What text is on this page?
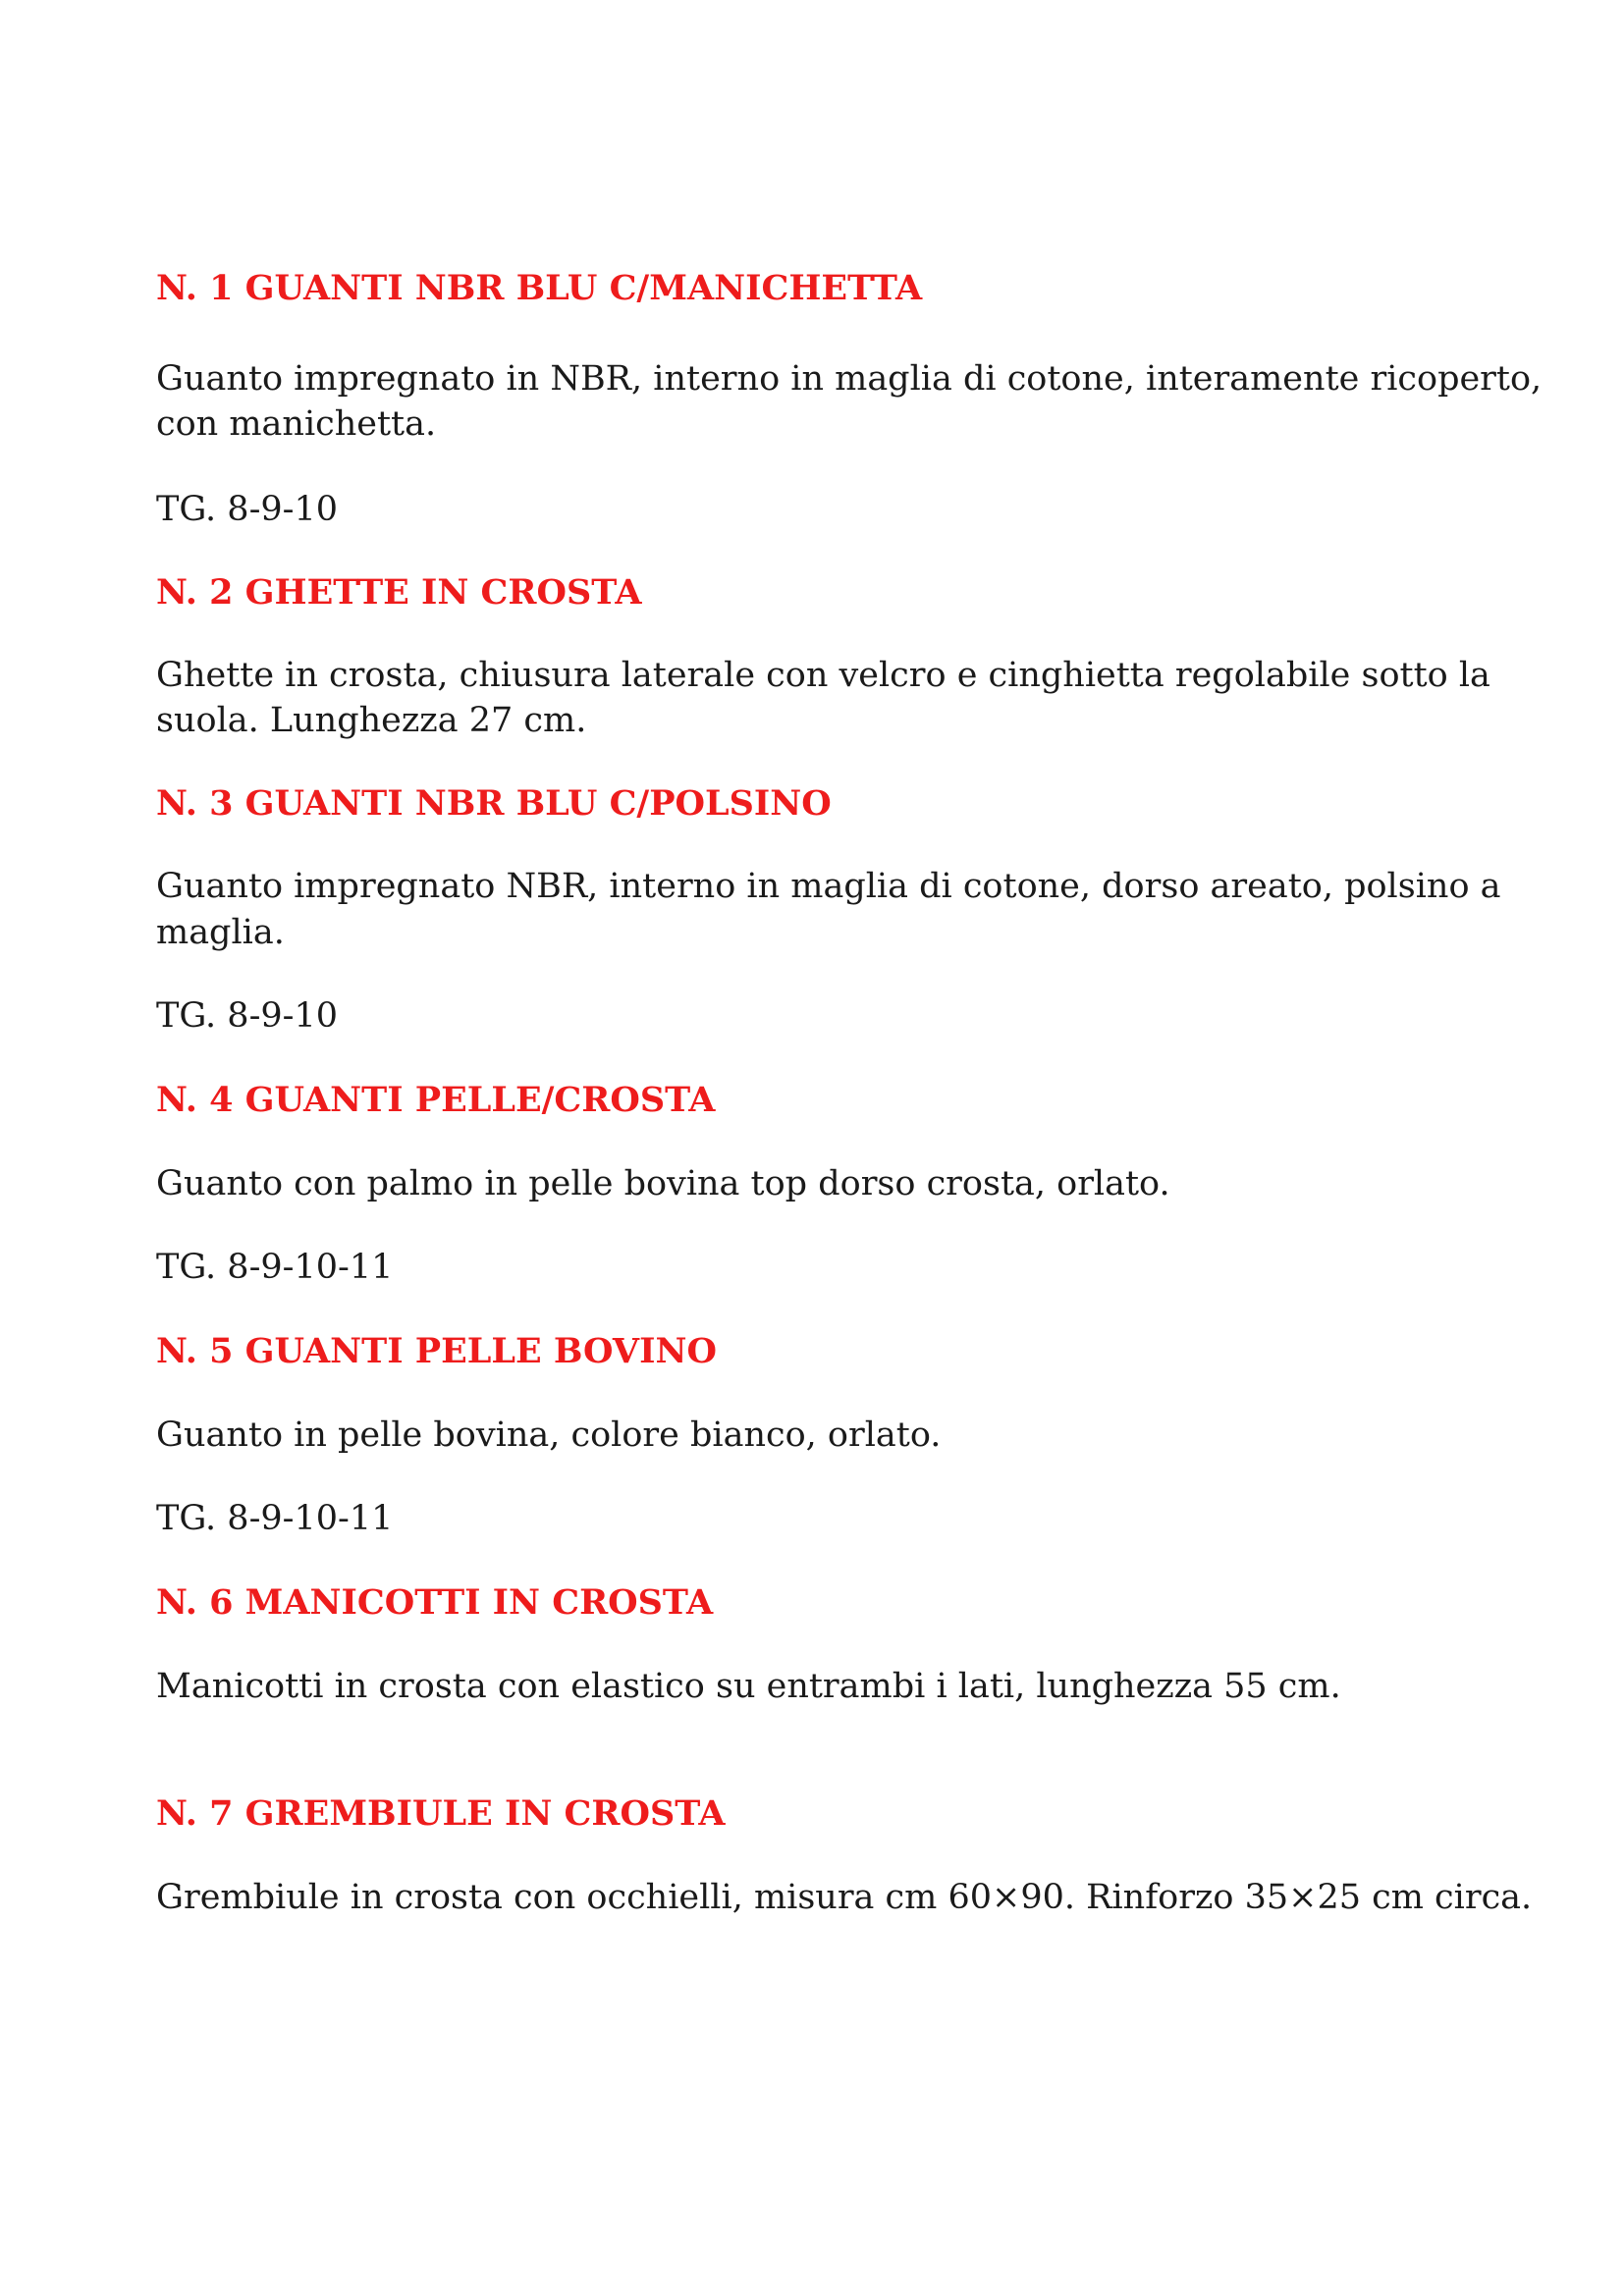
N. 1 GUANTI NBR BLU C/MANICHETTA
Guanto impregnato in NBR, interno in maglia di cotone, interamente ricoperto,
con manichetta.
TG. 8-9-10
N. 2 GHETTE IN CROSTA
Ghette in crosta, chiusura laterale con velcro e cinghietta regolabile sotto la
suola. Lunghezza 27 cm.
N. 3 GUANTI NBR BLU C/POLSINO
Guanto impregnato NBR, interno in maglia di cotone, dorso areato, polsino a
maglia.
TG. 8-9-10
N. 4 GUANTI PELLE/CROSTA
Guanto con palmo in pelle bovina top dorso crosta, orlato.
TG. 8-9-10-11
N. 5 GUANTI PELLE BOVINO
Guanto in pelle bovina, colore bianco, orlato.
TG. 8-9-10-11
N. 6 MANICOTTI IN CROSTA
Manicotti in crosta con elastico su entrambi i lati, lunghezza 55 cm.
N. 7 GREMBIULE IN CROSTA
Grembiule in crosta con occhielli, misura cm 60×90. Rinforzo 35×25 cm circa.
